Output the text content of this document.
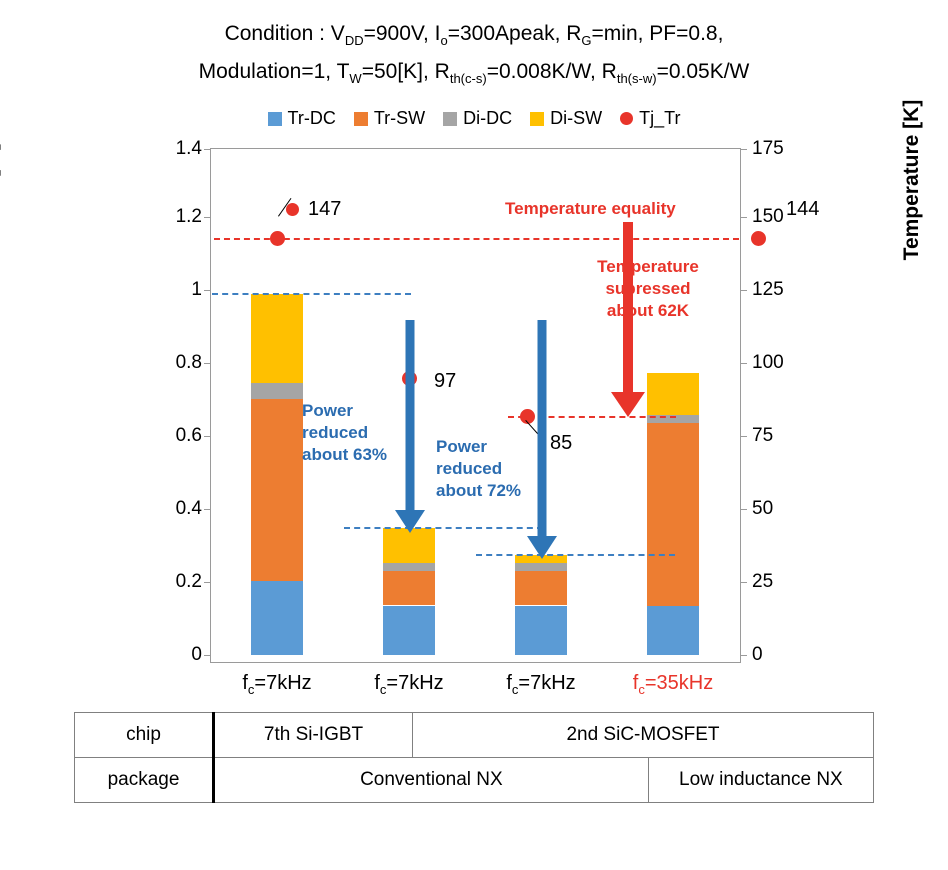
Condition : $V_{DD}=900V$, $I_o=300Apeak$, $R_G=\min$, PF=0.8,
Modulation=1, $T_W=50[K]$, $R_{th(c-s)}=0.008K/W$, $R_{th(s-w)}=0.05K/W$
Tr-DC Tr-SW Di-DC Di-SW Tj_Tr	Temperature [K]
1.4
1.2
1
0.8
0.6
0.4
0.2
0
175
150
125
100
75
50
25
0
147
97
85
144
Power
reduced
about 63%	Power
reduced
about 72%
Temperature equality
Temperature
supressed
about 62K
$f_c=7kHz$	$f_c=7kHz$	$f_c=7kHz$	$f_c=35kHz$
chip	7th Si-IGBT	2nd SiC-MOSFET	
package	Conventional NX		Low inductance NX
